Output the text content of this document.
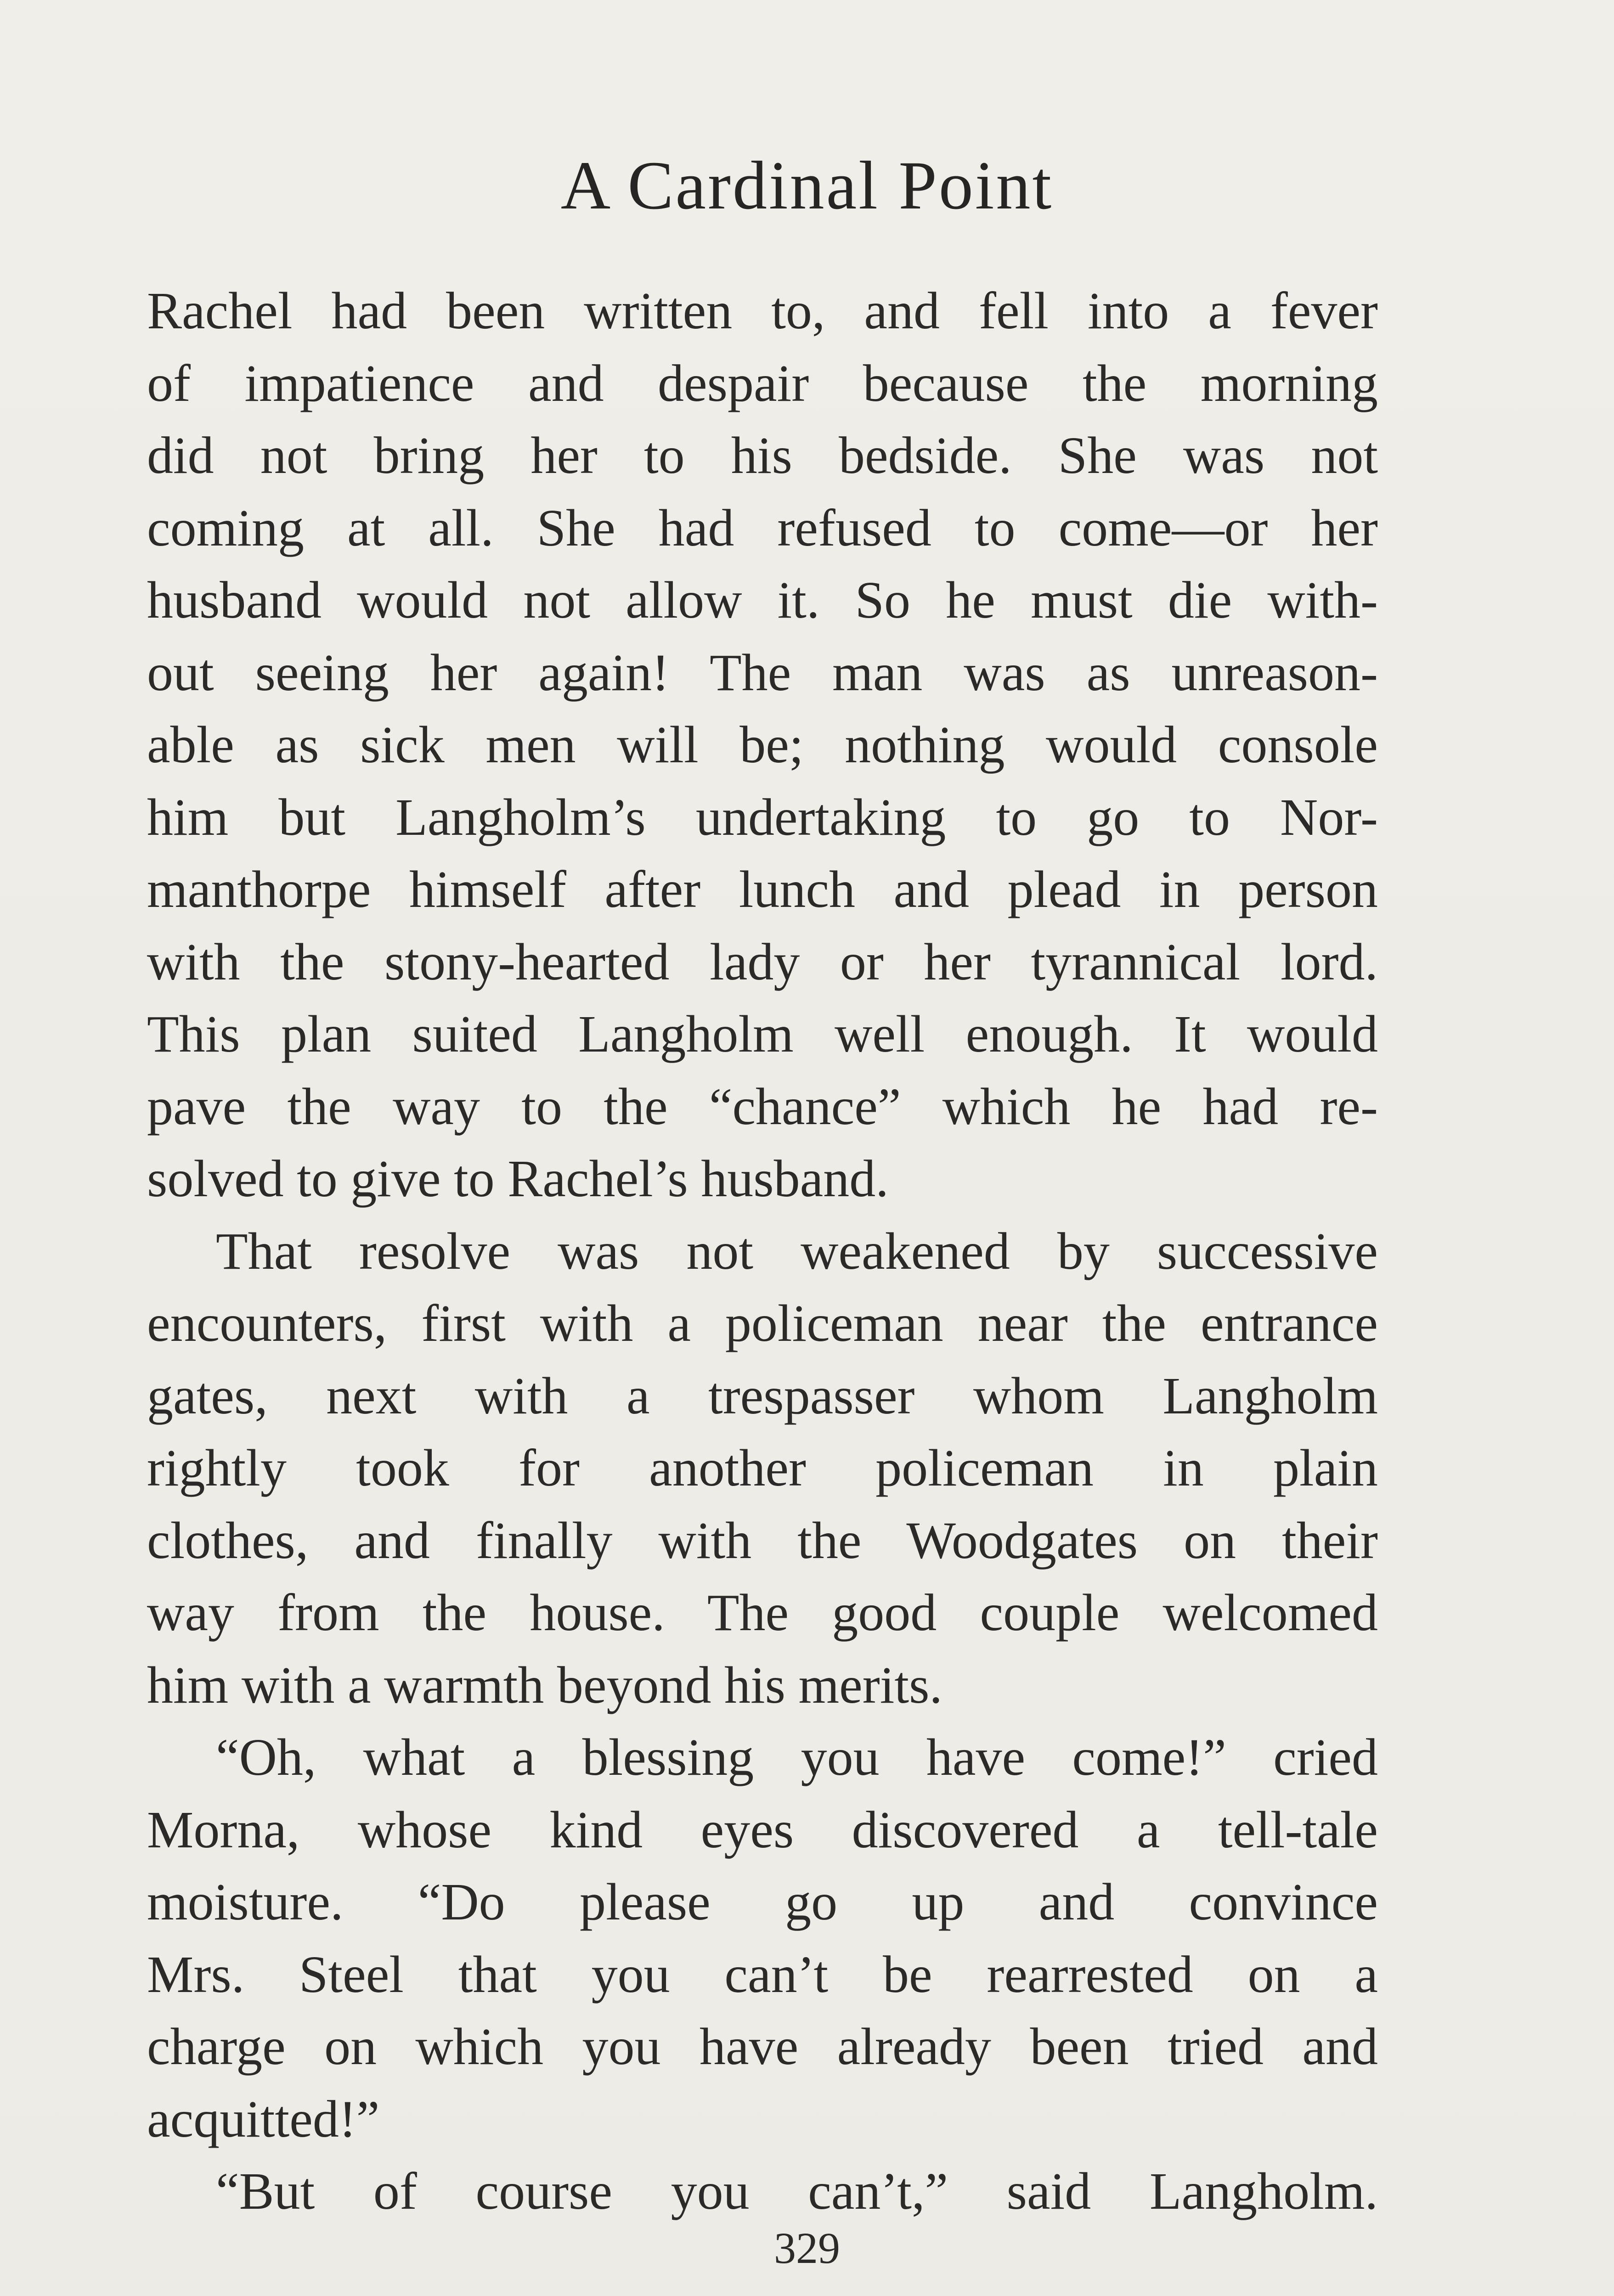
A Cardinal Point
Rachel had been written to, and fell into a fever
of impatience and despair because the morning
did not bring her to his bedside. She was not
coming at all. She had refused to come—or her
husband would not allow it. So he must die with-
out seeing her again! The man was as unreason-
able as sick men will be; nothing would console
him but Langholm’s undertaking to go to Nor-
manthorpe himself after lunch and plead in person
with the stony-hearted lady or her tyrannical lord.
This plan suited Langholm well enough. It would
pave the way to the “chance” which he had re-
solved to give to Rachel’s husband.
That resolve was not weakened by successive
encounters, first with a policeman near the entrance
gates, next with a trespasser whom Langholm
rightly took for another policeman in plain
clothes, and finally with the Woodgates on their
way from the house. The good couple welcomed
him with a warmth beyond his merits.
“Oh, what a blessing you have come!” cried
Morna, whose kind eyes discovered a tell-tale
moisture. “Do please go up and convince
Mrs. Steel that you can’t be rearrested on a
charge on which you have already been tried and
acquitted!”
“But of course you can’t,” said Langholm.
329
